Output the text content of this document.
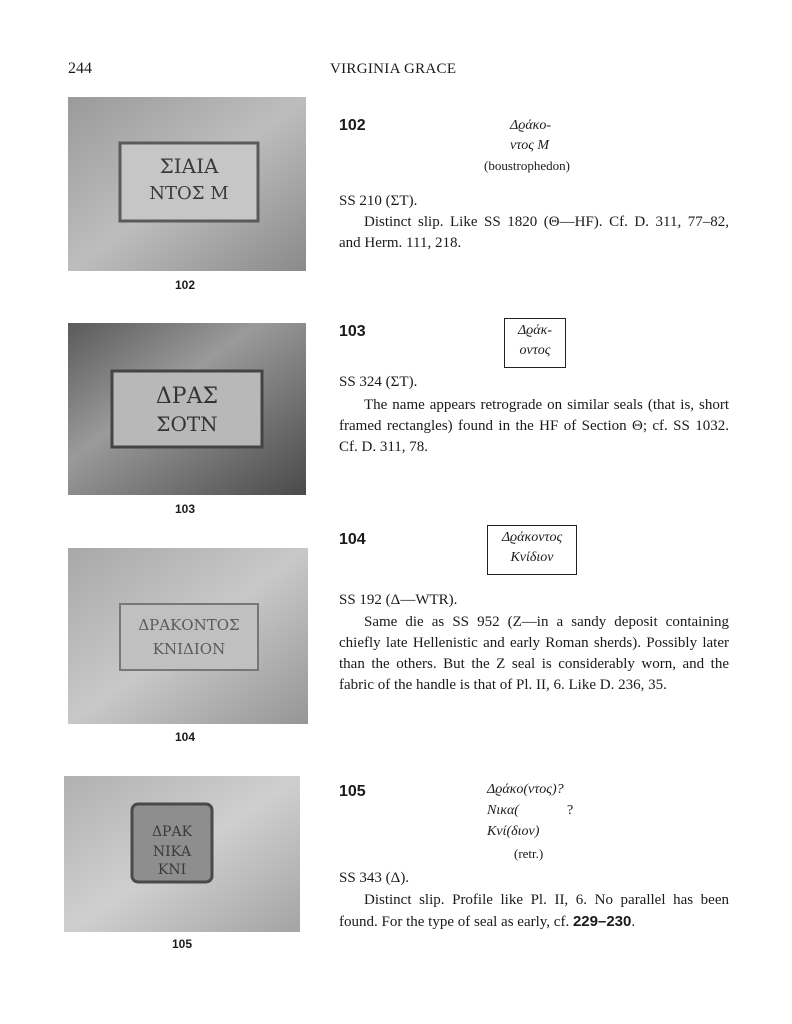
244	VIRGINIA GRACE
ΣΙΑΙΑ
ΝΤΟΣ Μ
102
102	Δϱάκο-
ντος Μ
(boustrophedon)
SS 210 (ΣT).
Distinct slip. Like SS 1820 (Θ—HF). Cf. D. 311, 77–82, and Herm. 111, 218.
ΔΡΑΣ
ΣΟΤΝ
103
103	Δϱάκ-
οντος
SS 324 (ΣT).
The name appears retrograde on similar seals (that is, short framed rectangles) found in the HF of Section Θ; cf. SS 1032. Cf. D. 311, 78.
ΔΡΑΚΟΝΤΟΣ
ΚΝΙΔΙΟΝ
104
104	Δϱάκοντος
Κνίδιον
SS 192 (Δ—WTR).
Same die as SS 952 (Z—in a sandy deposit containing chiefly late Hellenistic and early Roman sherds). Possibly later than the others. But the Z seal is considerably worn, and the fabric of the handle is that of Pl. II, 6. Like D. 236, 35.
ΔΡΑΚ
ΝΙΚΑ
ΚΝΙ
105
105	Δϱάκο(ντος)?
Νικα(	?
Κνί(διον)
(retr.)
SS 343 (Δ).
Distinct slip. Profile like Pl. II, 6. No parallel has been found. For the type of seal as early, cf. 229–230.
